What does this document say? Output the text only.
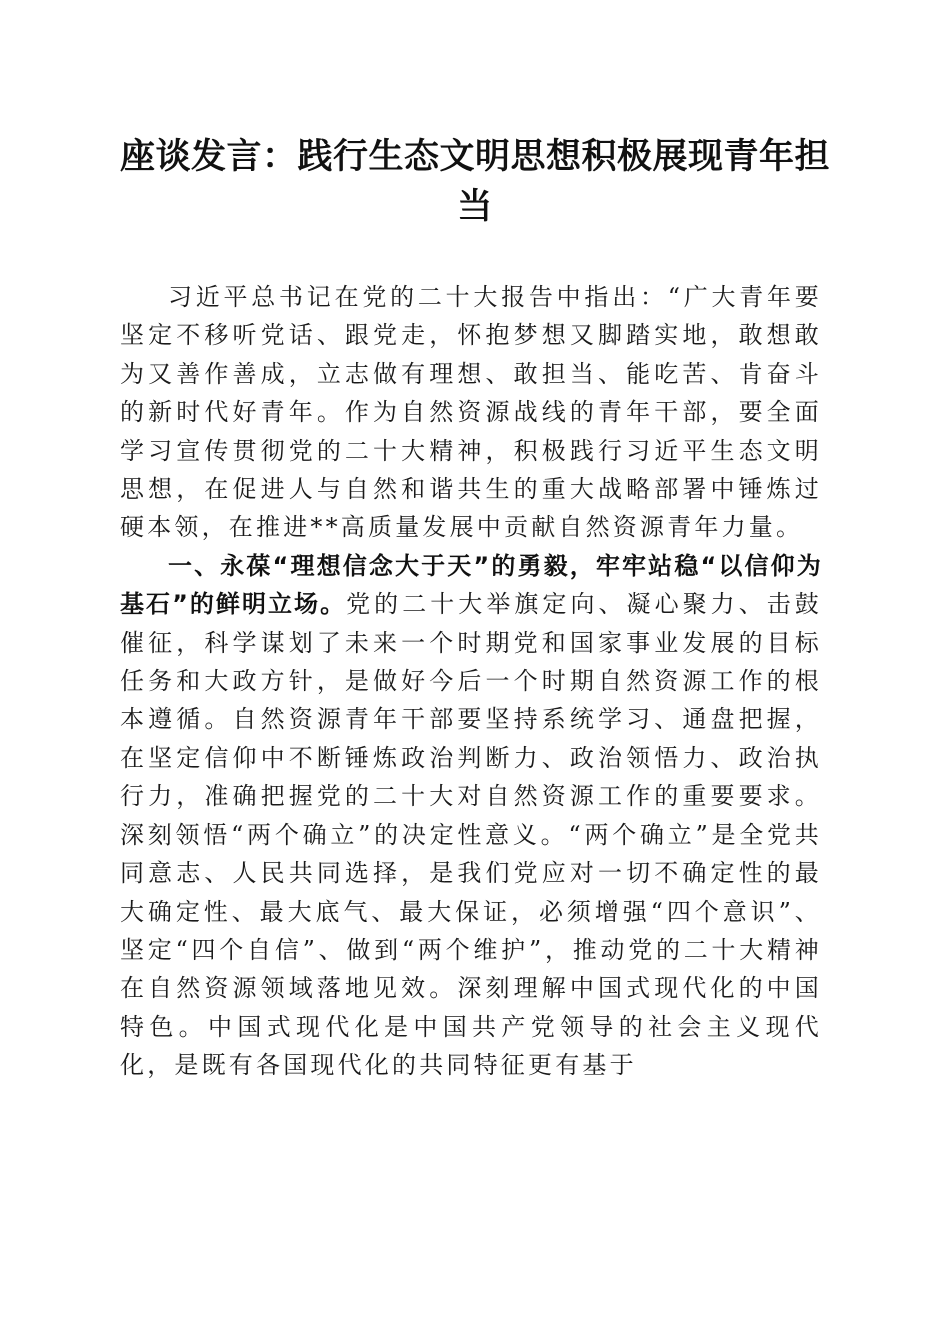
座谈发言：践行生态文明思想积极展现青年担当

习近平总书记在党的二十大报告中指出：“广大青年要坚定不移听党话、跟党走，怀抱梦想又脚踏实地，敢想敢为又善作善成，立志做有理想、敢担当、能吃苦、肯奋斗的新时代好青年。作为自然资源战线的青年干部，要全面学习宣传贯彻党的二十大精神，积极践行习近平生态文明思想，在促进人与自然和谐共生的重大战略部署中锤炼过硬本领，在推进**高质量发展中贡献自然资源青年力量。

一、永葆“理想信念大于天”的勇毅，牢牢站稳“以信仰为基石”的鲜明立场。党的二十大举旗定向、凝心聚力、击鼓催征，科学谋划了未来一个时期党和国家事业发展的目标任务和大政方针，是做好今后一个时期自然资源工作的根本遵循。自然资源青年干部要坚持系统学习、通盘把握，在坚定信仰中不断锤炼政治判断力、政治领悟力、政治执行力，准确把握党的二十大对自然资源工作的重要要求。深刻领悟“两个确立”的决定性意义。“两个确立”是全党共同意志、人民共同选择，是我们党应对一切不确定性的最大确定性、最大底气、最大保证，必须增强“四个意识”、坚定“四个自信”、做到“两个维护”，推动党的二十大精神在自然资源领域落地见效。深刻理解中国式现代化的中国特色。中国式现代化是中国共产党领导的社会主义现代化，是既有各国现代化的共同特征更有基于
